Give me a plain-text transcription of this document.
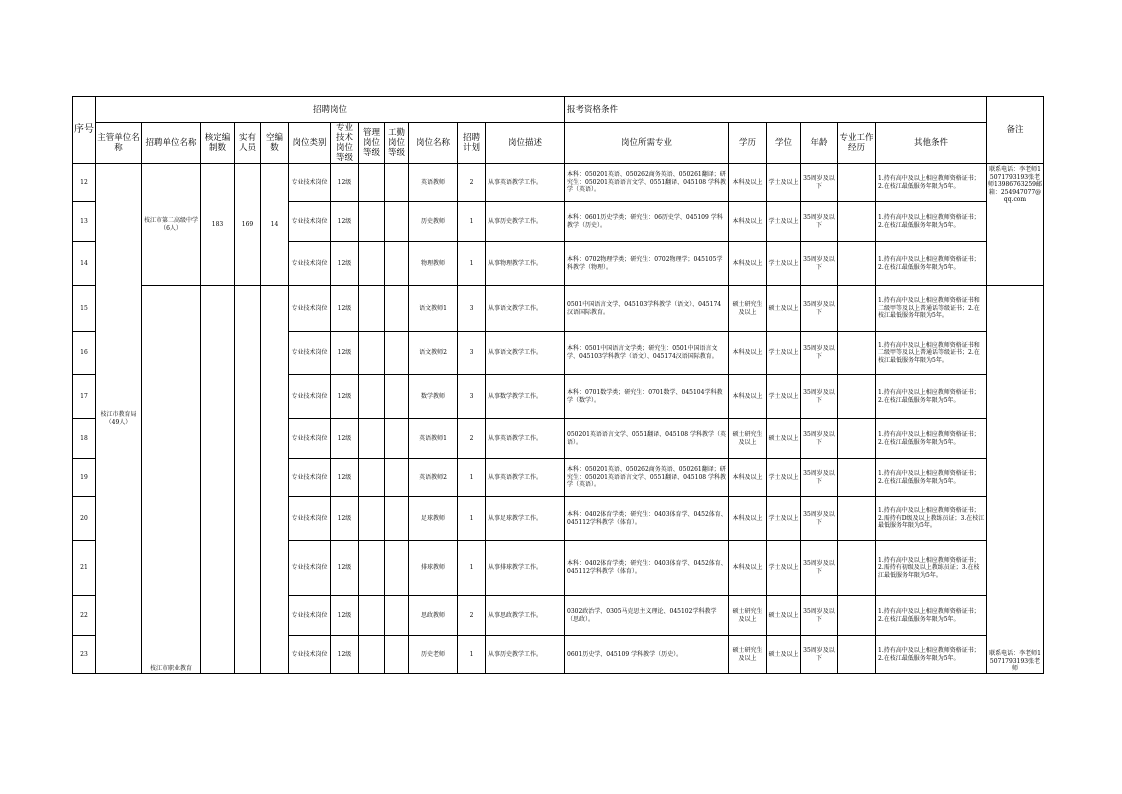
序号	招聘岗位												报考资格条件						备注
	主管单位名称	招聘单位名称	核定编制数	实有人员	空编数	岗位类别	专业技术岗位等级	管理岗位等级	工勤岗位等级	岗位名称	招聘计划	岗位描述	岗位所需专业	学历	学位	年龄	专业工作经历	其他条件	
12	枝江市教育局（49人）	枝江市第二高级中学（6人）	183	169	14	专业技术岗位	12级			英语教师	2	从事英语教学工作。	本科：050201英语、050262商务英语、050261翻译；研究生：050201英语语言文学、0551翻译、045108 学科教学（英语）。	本科及以上	学士及以上	35周岁及以下		1.持有高中及以上相应教师资格证书；2.在枝江最低服务年限为5年。	联系电话：李老师15071793193张老师13986763259邮箱：254947077@qq.com
13						专业技术岗位	12级			历史教师	1	从事历史教学工作。	本科：0601历史学类；研究生：06历史学、045109 学科教学（历史）。	本科及以上	学士及以上	35周岁及以下		1.持有高中及以上相应教师资格证书；2.在枝江最低服务年限为5年。	
14						专业技术岗位	12级			物理教师	1	从事物理教学工作。	本科：0702物理学类；研究生：0702物理学；045105学科教学（物理）。	本科及以上	学士及以上	35周岁及以下		1.持有高中及以上相应教师资格证书；2.在枝江最低服务年限为5年。	
15		枝江市职业教育				专业技术岗位	12级			语文教师1	3	从事语文教学工作。	0501中国语言文学、045103学科教学（语文）、045174汉语国际教育。	硕士研究生及以上	硕士及以上	35周岁及以下		1.持有高中及以上相应教师资格证书和二级甲等及以上普通话等级证书；2.在枝江最低服务年限为5年。	联系电话：李老师15071793193张老师
16						专业技术岗位	12级			语文教师2	3	从事语文教学工作。	本科：0501中国语言文学类；研究生：0501中国语言文学、045103学科教学（语文）、045174汉语国际教育。	本科及以上	学士及以上	35周岁及以下		1.持有高中及以上相应教师资格证书和二级甲等及以上普通话等级证书；2.在枝江最低服务年限为5年。	
17						专业技术岗位	12级			数学教师	3	从事数学教学工作。	本科：0701数学类；研究生：0701数学、045104学科教学（数学）。	本科及以上	学士及以上	35周岁及以下		1.持有高中及以上相应教师资格证书；2.在枝江最低服务年限为5年。	
18						专业技术岗位	12级			英语教师1	2	从事英语教学工作。	050201英语语言文学、0551翻译、045108 学科教学（英语）。	硕士研究生及以上	硕士及以上	35周岁及以下		1.持有高中及以上相应教师资格证书；2.在枝江最低服务年限为5年。	
19						专业技术岗位	12级			英语教师2	1	从事英语教学工作。	本科：050201英语、050262商务英语、050261翻译；研究生：050201英语语言文学、0551翻译、045108 学科教学（英语）。	本科及以上	学士及以上	35周岁及以下		1.持有高中及以上相应教师资格证书；2.在枝江最低服务年限为5年。	
20						专业技术岗位	12级			足球教师	1	从事足球教学工作。	本科：0402体育学类；研究生：0403体育学、0452体育、045112学科教学（体育）。	本科及以上	学士及以上	35周岁及以下		1.持有高中及以上相应教师资格证书；2.需持有D级及以上教练员证；3.在枝江最低服务年限为5年。	
21						专业技术岗位	12级			排球教师	1	从事排球教学工作。	本科：0402体育学类；研究生：0403体育学、0452体育、045112学科教学（体育）。	本科及以上	学士及以上	35周岁及以下		1.持有高中及以上相应教师资格证书；2.需持有初级及以上教练员证；3.在枝江最低服务年限为5年。	
22						专业技术岗位	12级			思政教师	2	从事思政教学工作。	0302政治学、0305马克思主义理论、045102学科教学（思政）。	硕士研究生及以上	硕士及以上	35周岁及以下		1.持有高中及以上相应教师资格证书；2.在枝江最低服务年限为5年。	
23						专业技术岗位	12级			历史老师	1	从事历史教学工作。	0601历史学、045109 学科教学（历史）。	硕士研究生及以上	硕士及以上	35周岁及以下		1.持有高中及以上相应教师资格证书；2.在枝江最低服务年限为5年。	
